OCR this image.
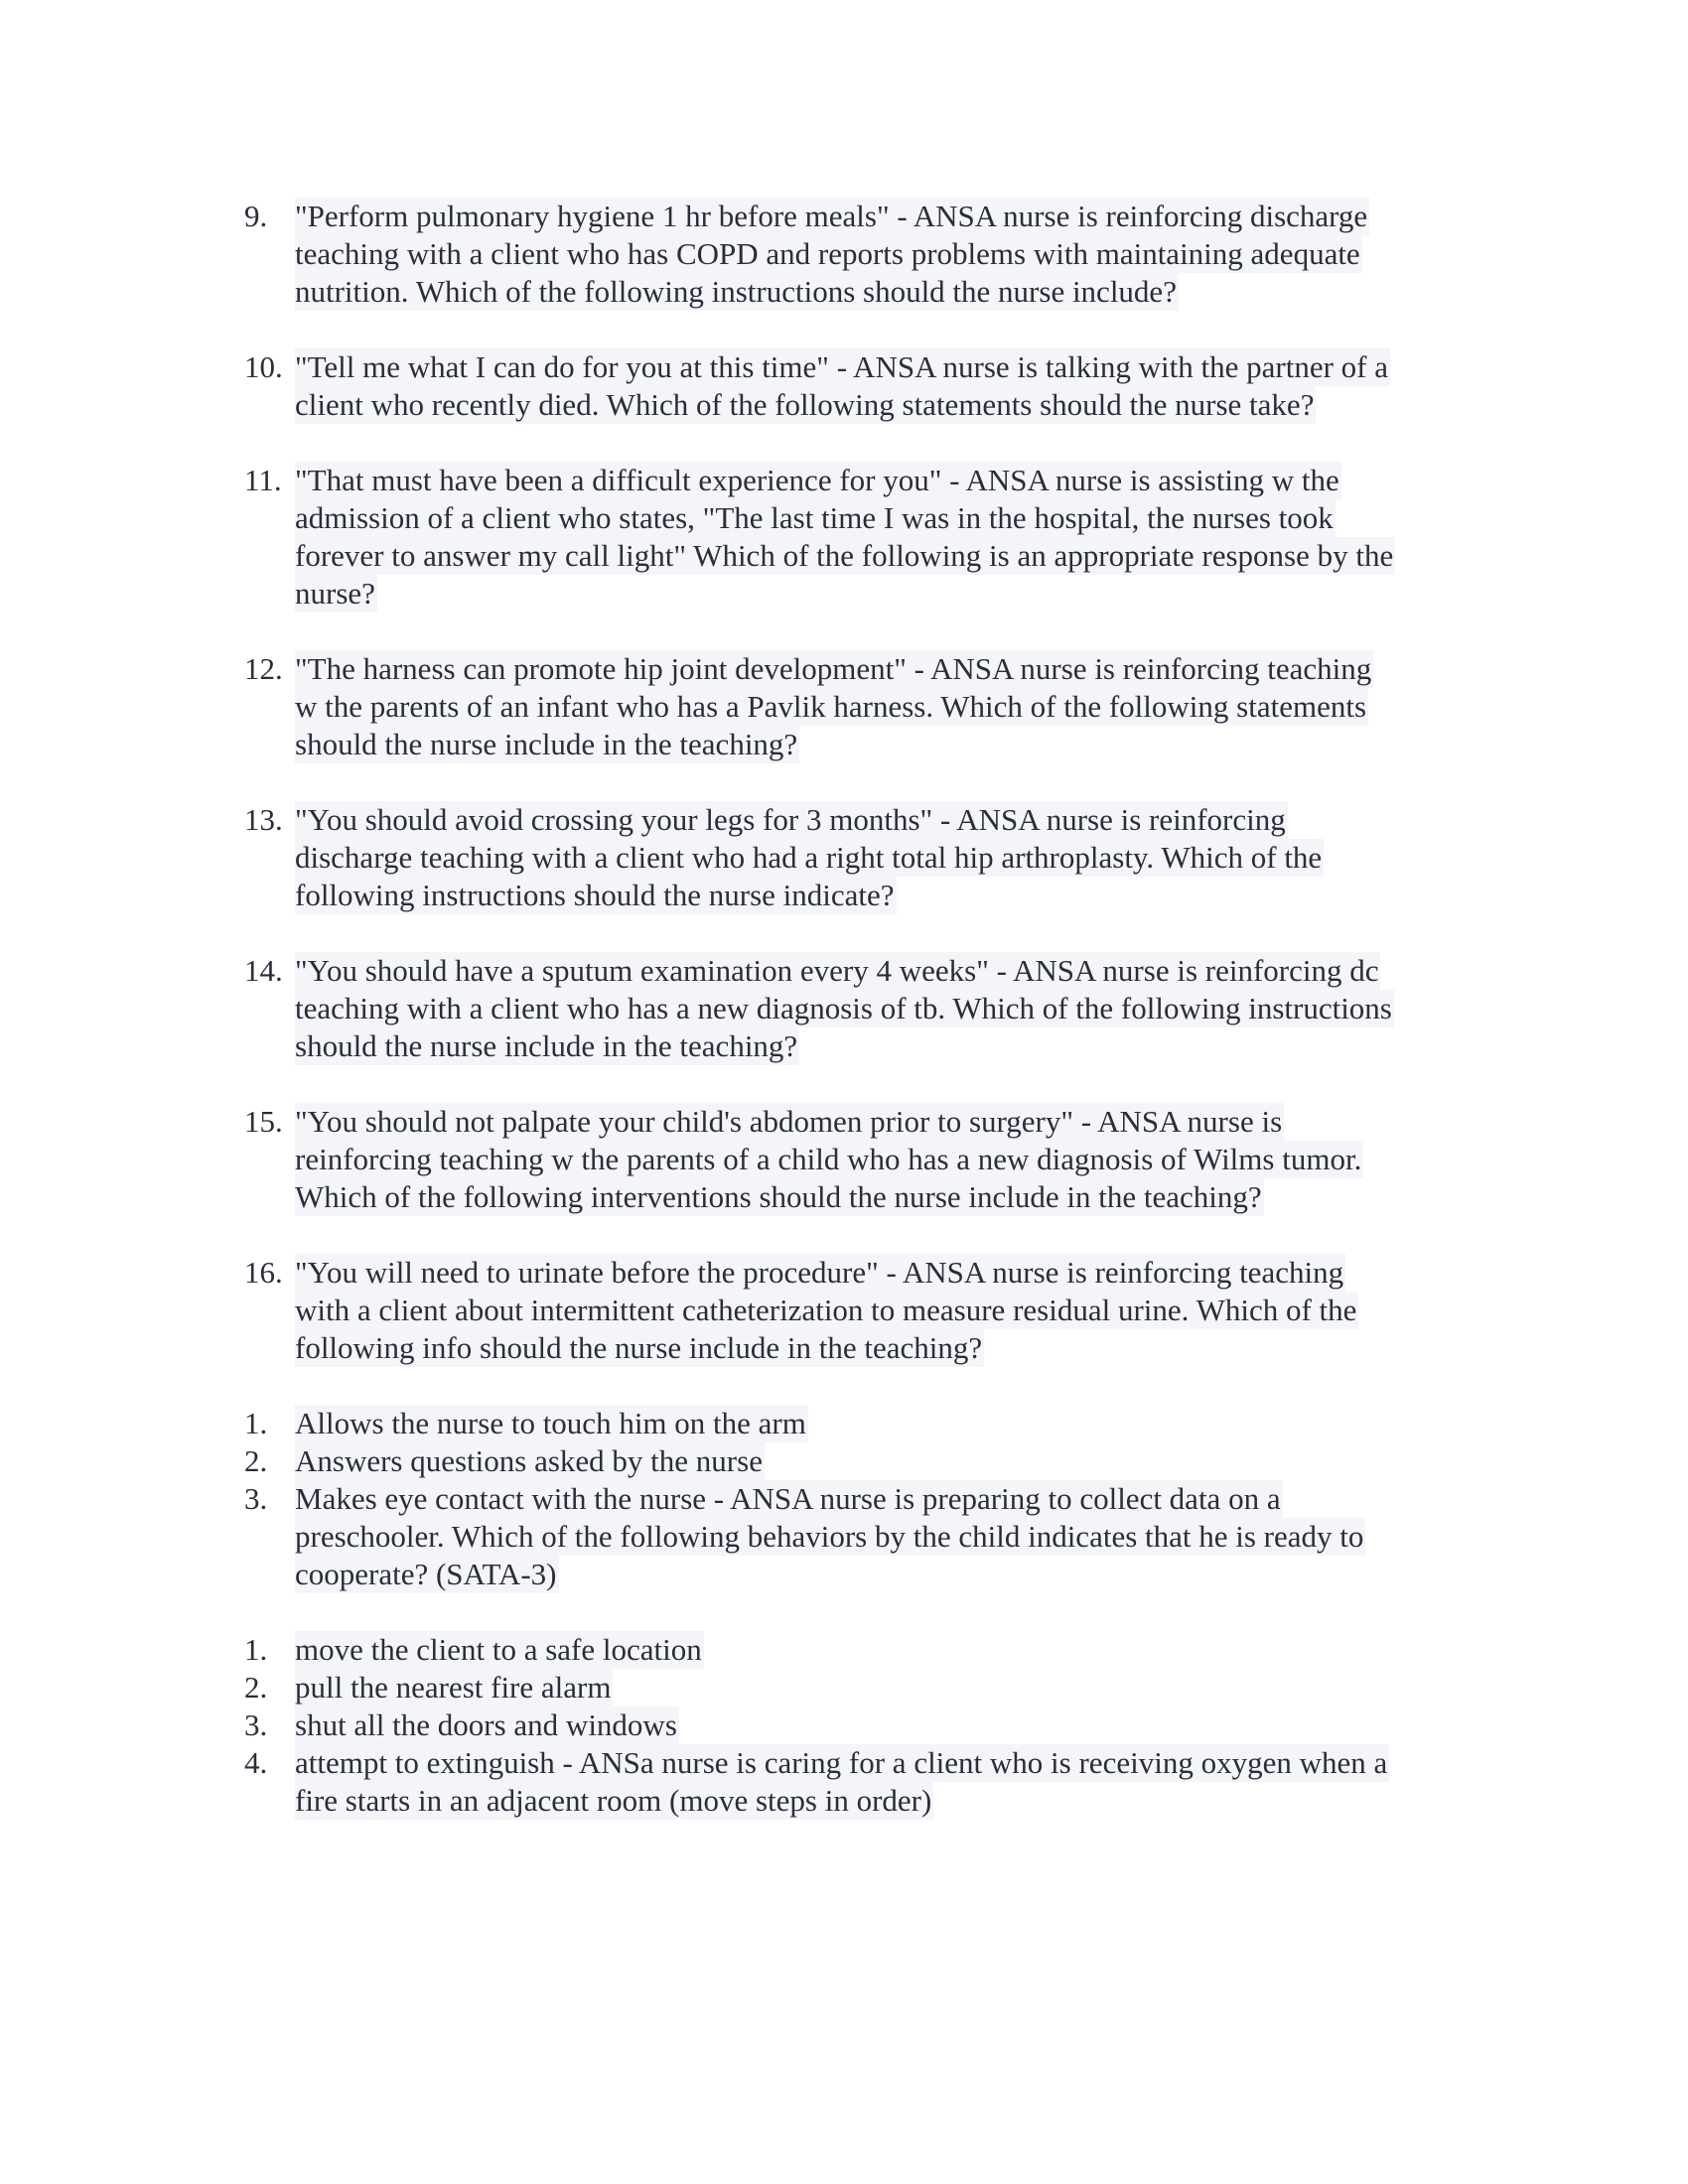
9. "Perform pulmonary hygiene 1 hr before meals" - ANSA nurse is reinforcing discharge
teaching with a client who has COPD and reports problems with maintaining adequate
nutrition. Which of the following instructions should the nurse include?
10. "Tell me what I can do for you at this time" - ANSA nurse is talking with the partner of a
client who recently died. Which of the following statements should the nurse take?
11. "That must have been a difficult experience for you" - ANSA nurse is assisting w the
admission of a client who states, "The last time I was in the hospital, the nurses took
forever to answer my call light" Which of the following is an appropriate response by the
nurse?
12. "The harness can promote hip joint development" - ANSA nurse is reinforcing teaching
w the parents of an infant who has a Pavlik harness. Which of the following statements
should the nurse include in the teaching?
13. "You should avoid crossing your legs for 3 months" - ANSA nurse is reinforcing
discharge teaching with a client who had a right total hip arthroplasty. Which of the
following instructions should the nurse indicate?
14. "You should have a sputum examination every 4 weeks" - ANSA nurse is reinforcing dc
teaching with a client who has a new diagnosis of tb. Which of the following instructions
should the nurse include in the teaching?
15. "You should not palpate your child's abdomen prior to surgery" - ANSA nurse is
reinforcing teaching w the parents of a child who has a new diagnosis of Wilms tumor.
Which of the following interventions should the nurse include in the teaching?
16. "You will need to urinate before the procedure" - ANSA nurse is reinforcing teaching
with a client about intermittent catheterization to measure residual urine. Which of the
following info should the nurse include in the teaching?
1. Allows the nurse to touch him on the arm
2. Answers questions asked by the nurse
3. Makes eye contact with the nurse - ANSA nurse is preparing to collect data on a
preschooler. Which of the following behaviors by the child indicates that he is ready to
cooperate? (SATA-3)
1. move the client to a safe location
2. pull the nearest fire alarm
3. shut all the doors and windows
4. attempt to extinguish - ANSa nurse is caring for a client who is receiving oxygen when a
fire starts in an adjacent room (move steps in order)
